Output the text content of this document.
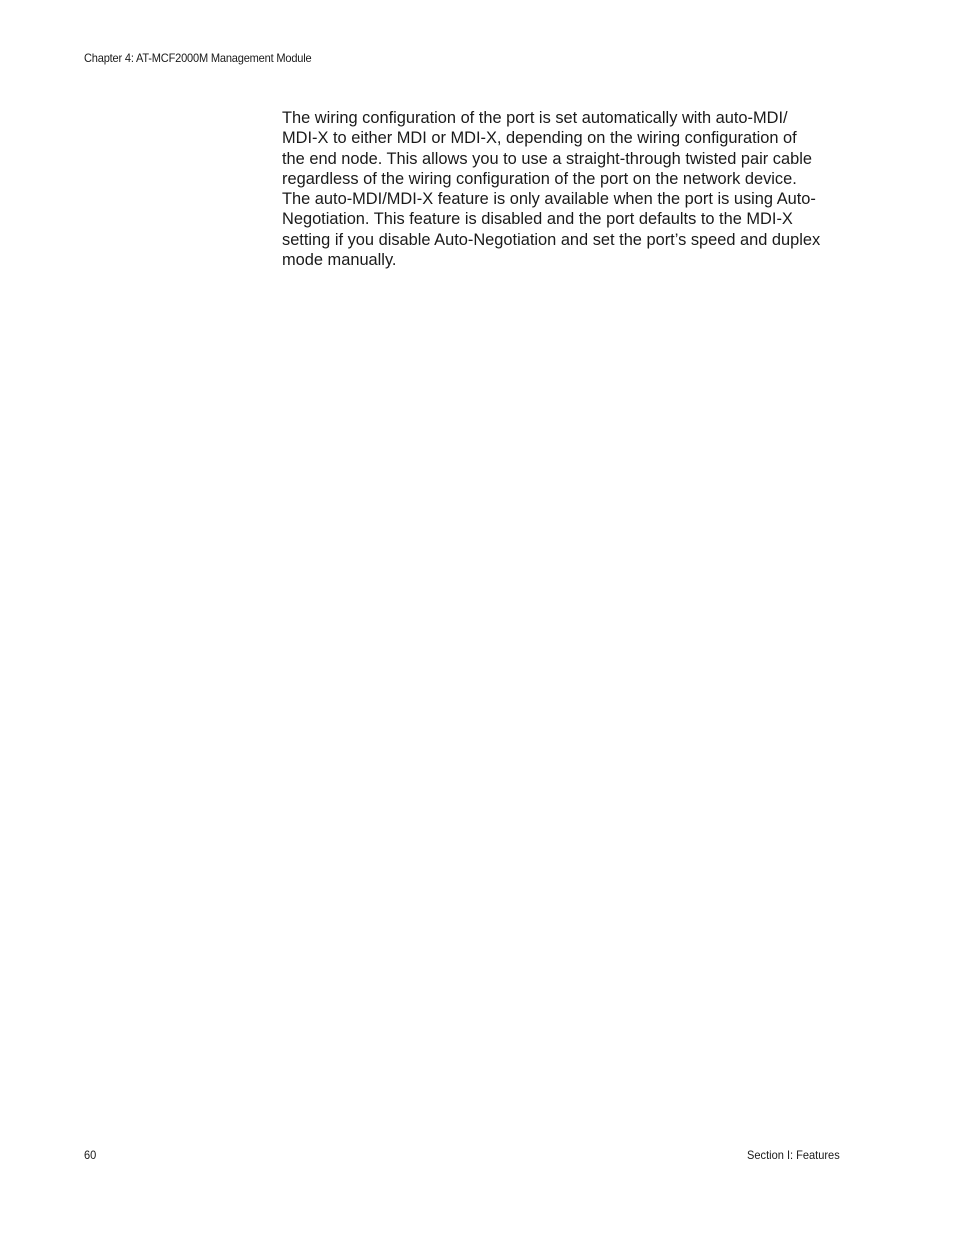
Chapter 4: AT-MCF2000M Management Module

The wiring configuration of the port is set automatically with auto-MDI/
MDI-X to either MDI or MDI-X, depending on the wiring configuration of
the end node. This allows you to use a straight-through twisted pair cable
regardless of the wiring configuration of the port on the network device.
The auto-MDI/MDI-X feature is only available when the port is using Auto-
Negotiation. This feature is disabled and the port defaults to the MDI-X
setting if you disable Auto-Negotiation and set the port’s speed and duplex
mode manually.

60	Section I: Features
